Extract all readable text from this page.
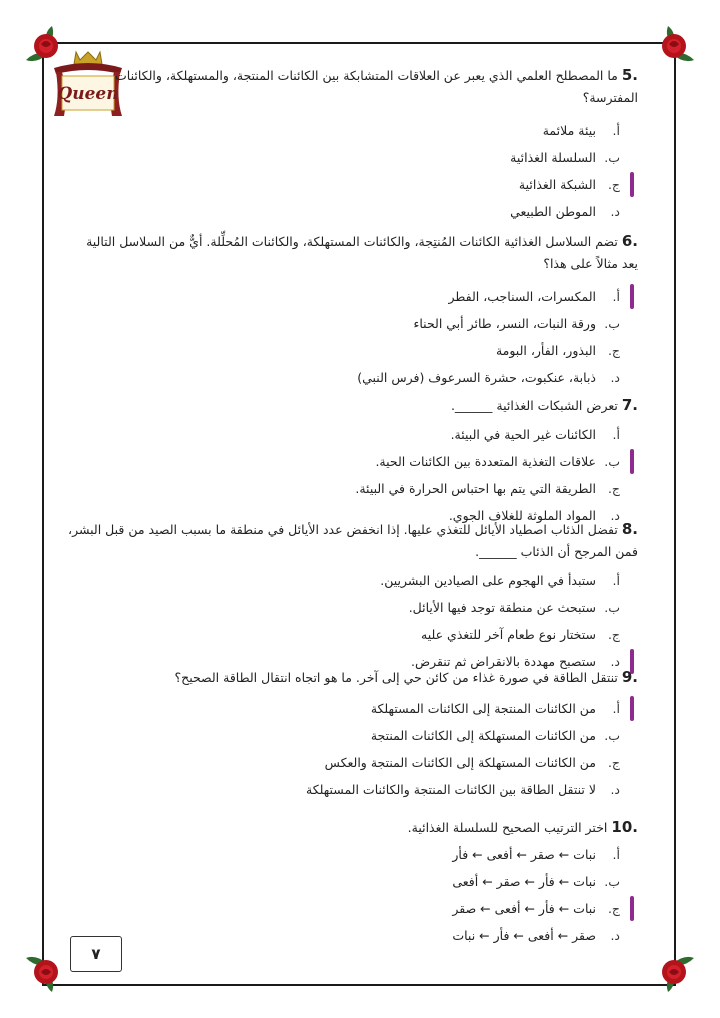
Queen
5.ما المصطلح العلمي الذي يعبر عن العلاقات المتشابكة بين الكائنات المنتجة، والمستهلكة، والكائنات المفترسة؟
أ.بيئة ملائمة
ب.السلسلة الغذائية
ج.الشبكة الغذائية
د.الموطن الطبيعي
6.تضم السلاسل الغذائية الكائنات المُنتِجة، والكائنات المستهلكة، والكائنات المُحلِّلة. أيٌّ من السلاسل التالية يعد مثالاً على هذا؟
أ.المكسرات، السناجب، الفطر
ب.ورقة النبات، النسر، طائر أبي الحناء
ج.البذور، الفأر، البومة
د.ذبابة، عنكبوت، حشرة السرعوف (فرس النبي)
7.تعرض الشبكات الغذائية ______.
أ.الكائنات غير الحية في البيئة.
ب.علاقات التغذية المتعددة بين الكائنات الحية.
ج.الطريقة التي يتم بها احتباس الحرارة في البيئة.
د.المواد الملوثة للغلاف الجوي.
8.تفضل الذئاب اصطياد الأيائل للتغذي عليها. إذا انخفض عدد الأيائل في منطقة ما بسبب الصيد من قبل البشر، فمن المرجح أن الذئاب ______.
أ.ستبدأ في الهجوم على الصيادين البشريين.
ب.ستبحث عن منطقة توجد فيها الأيائل.
ج.ستختار نوع طعام آخر للتغذي عليه
د.ستصبح مهددة بالانقراض ثم تنقرض.
9.تنتقل الطاقة في صورة غذاء من كائن حي إلى آخر. ما هو اتجاه انتقال الطاقة الصحيح؟
أ.من الكائنات المنتجة إلى الكائنات المستهلكة
ب.من الكائنات المستهلكة إلى الكائنات المنتجة
ج.من الكائنات المستهلكة إلى الكائنات المنتجة والعكس
د.لا تنتقل الطاقة بين الكائنات المنتجة والكائنات المستهلكة
10.اختر الترتيب الصحيح للسلسلة الغذائية.
أ.نبات ← صقر ← أفعى ← فأر
ب.نبات ← فأر ← صقر ← أفعى
ج.نبات ← فأر ← أفعى ← صقر
د.صقر ← أفعى ← فأر ← نبات
٧
